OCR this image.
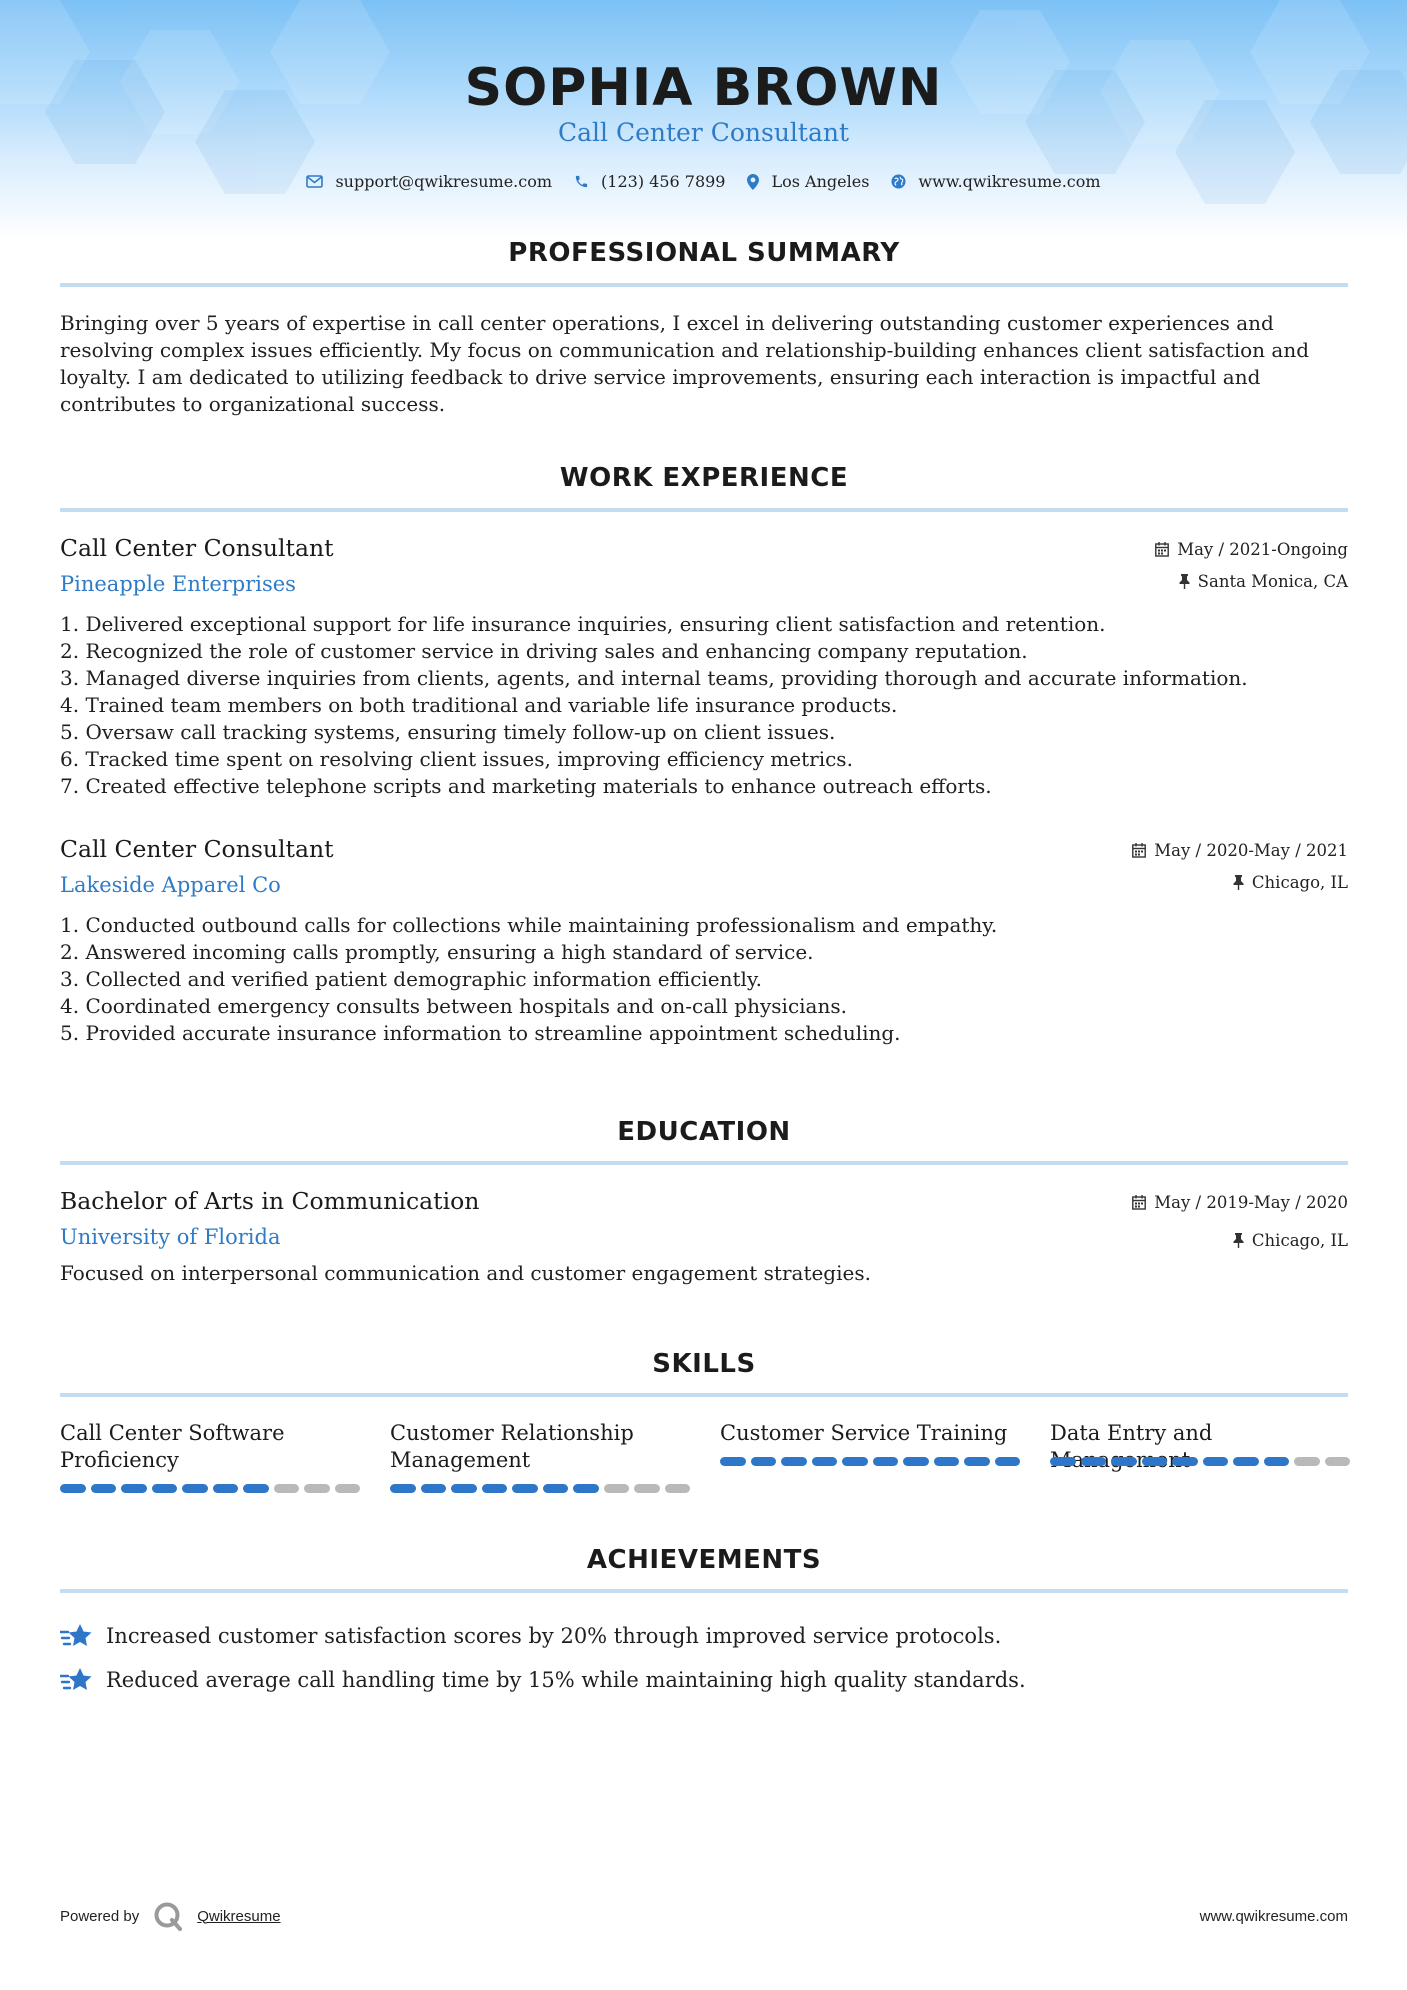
SOPHIA BROWN
Call Center Consultant
support@qwikresume.com	(123) 456 7899	Los Angeles	www.qwikresume.com
PROFESSIONAL SUMMARY
Bringing over 5 years of expertise in call center operations, I excel in delivering outstanding customer experiences and resolving complex issues efficiently. My focus on communication and relationship-building enhances client satisfaction and loyalty. I am dedicated to utilizing feedback to drive service improvements, ensuring each interaction is impactful and contributes to organizational success.
WORK EXPERIENCE
Call Center Consultant
Pineapple Enterprises
May / 2021-Ongoing
Santa Monica, CA
1. Delivered exceptional support for life insurance inquiries, ensuring client satisfaction and retention.
2. Recognized the role of customer service in driving sales and enhancing company reputation.
3. Managed diverse inquiries from clients, agents, and internal teams, providing thorough and accurate information.
4. Trained team members on both traditional and variable life insurance products.
5. Oversaw call tracking systems, ensuring timely follow-up on client issues.
6. Tracked time spent on resolving client issues, improving efficiency metrics.
7. Created effective telephone scripts and marketing materials to enhance outreach efforts.
Call Center Consultant
Lakeside Apparel Co
May / 2020-May / 2021
Chicago, IL
1. Conducted outbound calls for collections while maintaining professionalism and empathy.
2. Answered incoming calls promptly, ensuring a high standard of service.
3. Collected and verified patient demographic information efficiently.
4. Coordinated emergency consults between hospitals and on-call physicians.
5. Provided accurate insurance information to streamline appointment scheduling.
EDUCATION
Bachelor of Arts in Communication
University of Florida
May / 2019-May / 2020
Chicago, IL
Focused on interpersonal communication and customer engagement strategies.
SKILLS
Call Center Software Proficiency
Customer Relationship Management
Customer Service Training	Data Entry and
ACHIEVEMENTS
Increased customer satisfaction scores by 20% through improved service protocols.
Reduced average call handling time by 15% while maintaining high quality standards.
Powered by	Qwikresume	www.qwikresume.com
